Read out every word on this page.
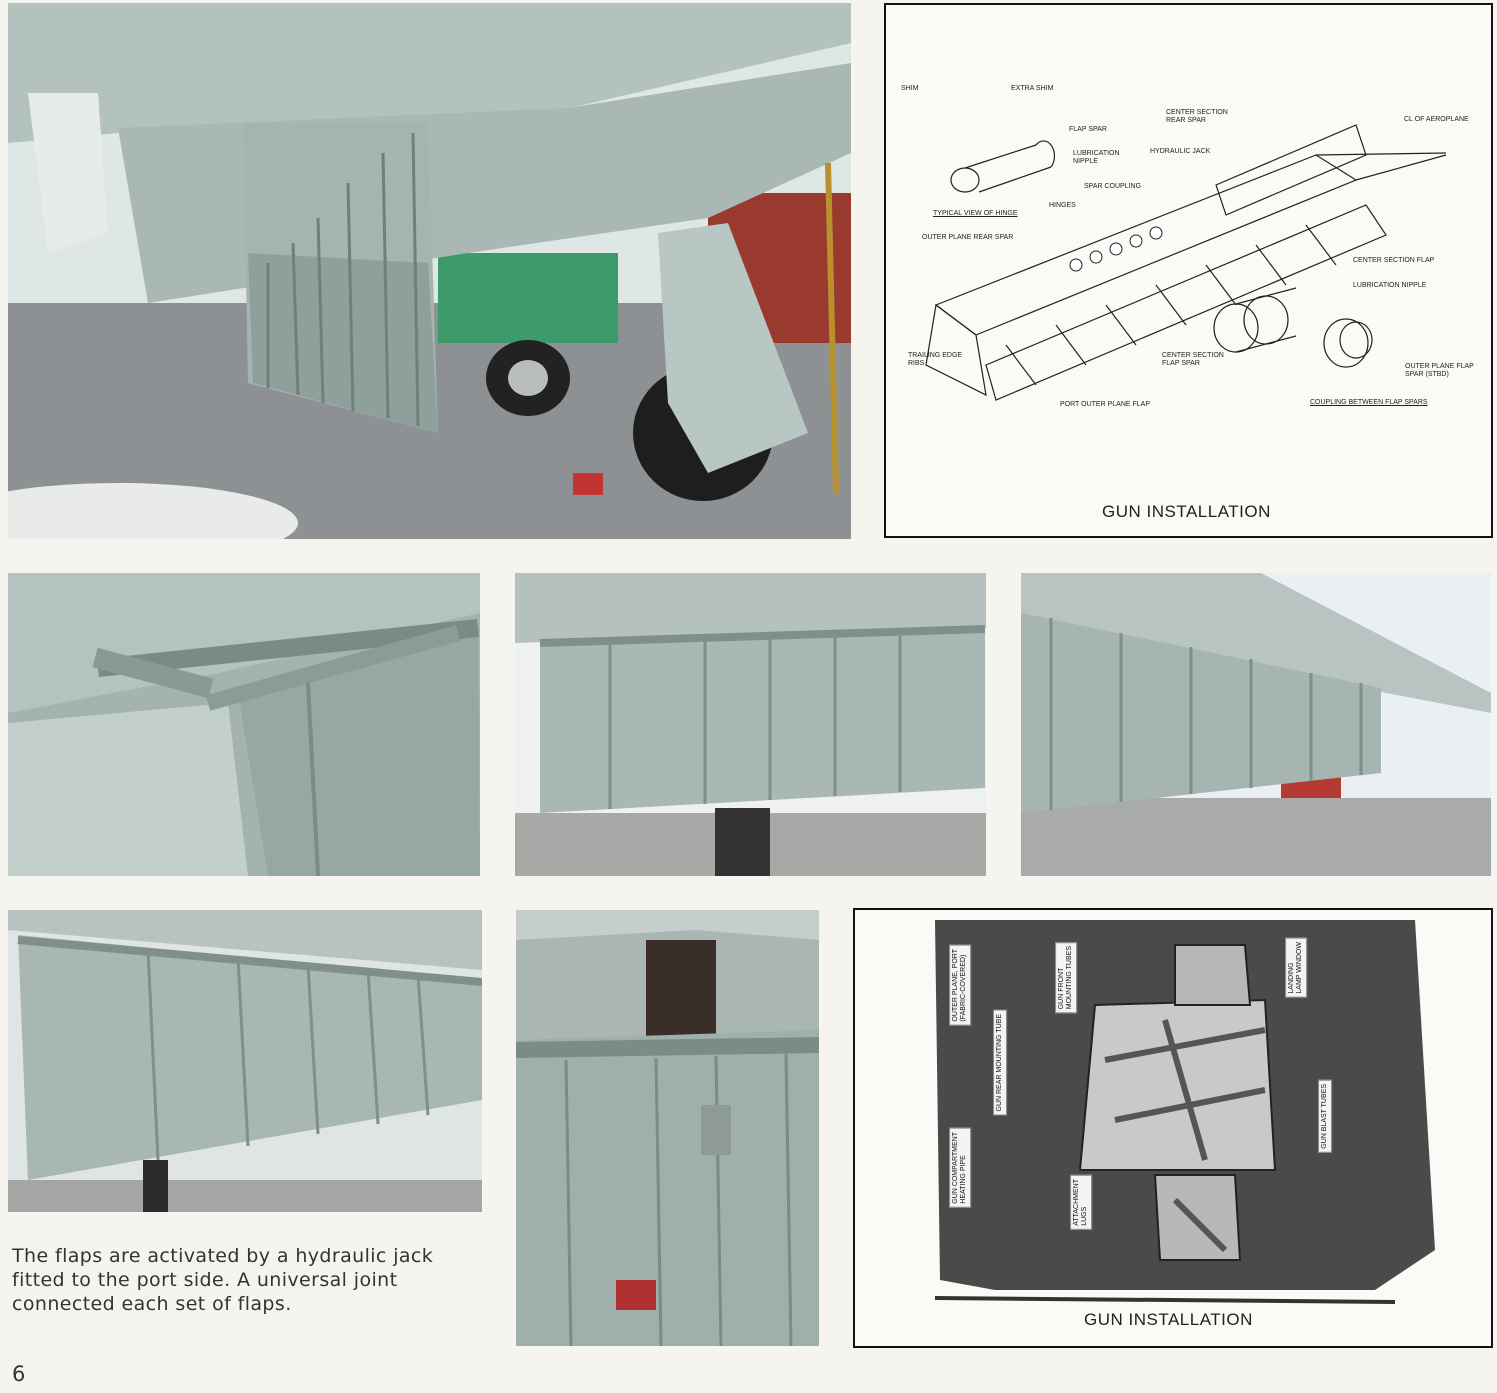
SHIM	EXTRA SHIM
FLAP SPAR
LUBRICATION
NIPPLE
TYPICAL VIEW OF HINGE
HINGES
OUTER PLANE REAR SPAR
TRAILING EDGE
RIBS
PORT OUTER PLANE FLAP
CENTER SECTION
REAR SPAR
HYDRAULIC JACK
SPAR COUPLING
CL OF AEROPLANE
CENTER SECTION FLAP
LUBRICATION NIPPLE
CENTER SECTION
FLAP SPAR	OUTER PLANE FLAP
SPAR (STBD)
COUPLING BETWEEN FLAP SPARS
GUN INSTALLATION
The flaps are activated by a hydraulic jack fitted to the port side. A universal joint connected each set of flaps.
OUTER PLANE, PORT
(FABRIC-COVERED)	GUN FRONT
MOUNTING TUBES
LANDING
LAMP WINDOW
GUN REAR MOUNTING TUBE
GUN COMPARTMENT
HEATING PIPE
ATTACHMENT
LUGS
GUN BLAST TUBES
GUN INSTALLATION
6
